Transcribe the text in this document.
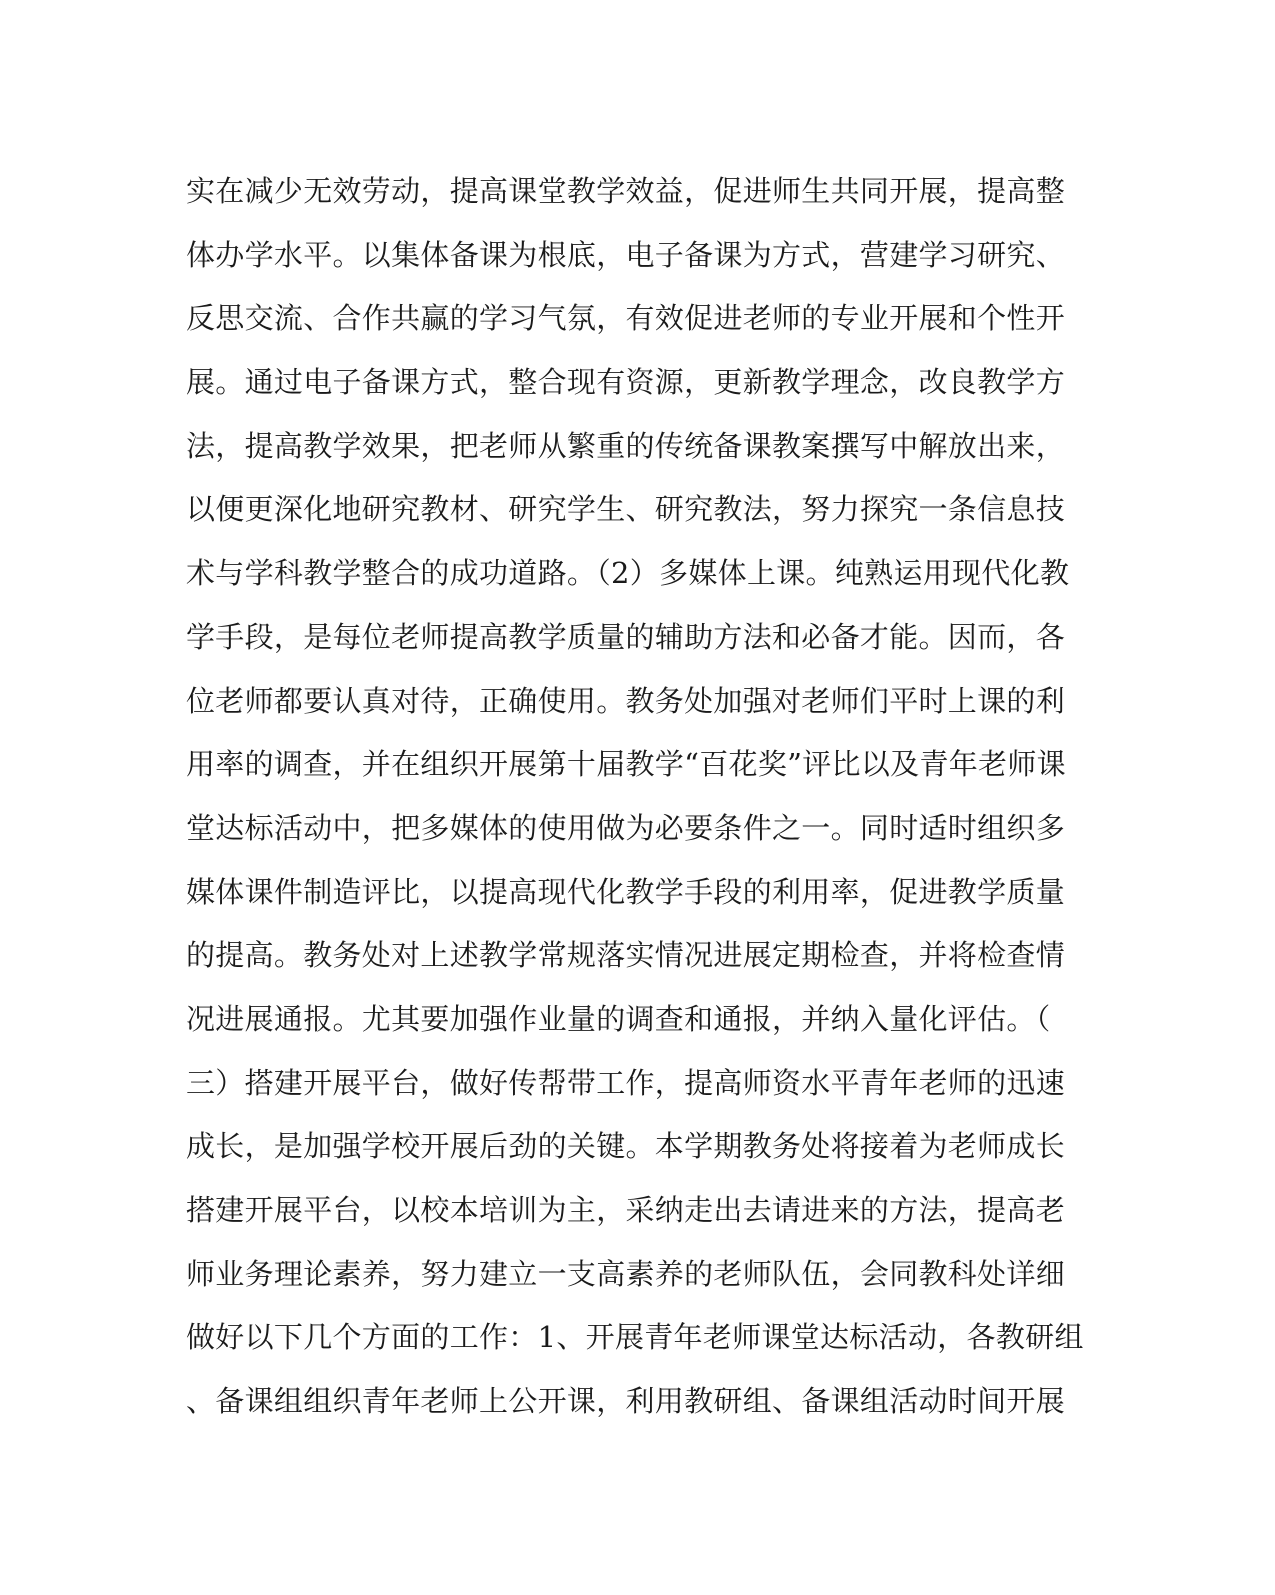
实在减少无效劳动，提高课堂教学效益，促进师生共同开展，提高整
体办学水平。以集体备课为根底，电子备课为方式，营建学习研究、
反思交流、合作共赢的学习气氛，有效促进老师的专业开展和个性开
展。通过电子备课方式，整合现有资源，更新教学理念，改良教学方
法，提高教学效果，把老师从繁重的传统备课教案撰写中解放出来，
以便更深化地研究教材、研究学生、研究教法，努力探究一条信息技
术与学科教学整合的成功道路。（2）多媒体上课。纯熟运用现代化教
学手段，是每位老师提高教学质量的辅助方法和必备才能。因而，各
位老师都要认真对待，正确使用。教务处加强对老师们平时上课的利
用率的调查，并在组织开展第十届教学“百花奖”评比以及青年老师课
堂达标活动中，把多媒体的使用做为必要条件之一。同时适时组织多
媒体课件制造评比，以提高现代化教学手段的利用率，促进教学质量
的提高。教务处对上述教学常规落实情况进展定期检查，并将检查情
况进展通报。尤其要加强作业量的调查和通报，并纳入量化评估。（
三）搭建开展平台，做好传帮带工作，提高师资水平青年老师的迅速
成长，是加强学校开展后劲的关键。本学期教务处将接着为老师成长
搭建开展平台，以校本培训为主，采纳走出去请进来的方法，提高老
师业务理论素养，努力建立一支高素养的老师队伍，会同教科处详细
做好以下几个方面的工作：1、开展青年老师课堂达标活动，各教研组
、备课组组织青年老师上公开课，利用教研组、备课组活动时间开展
